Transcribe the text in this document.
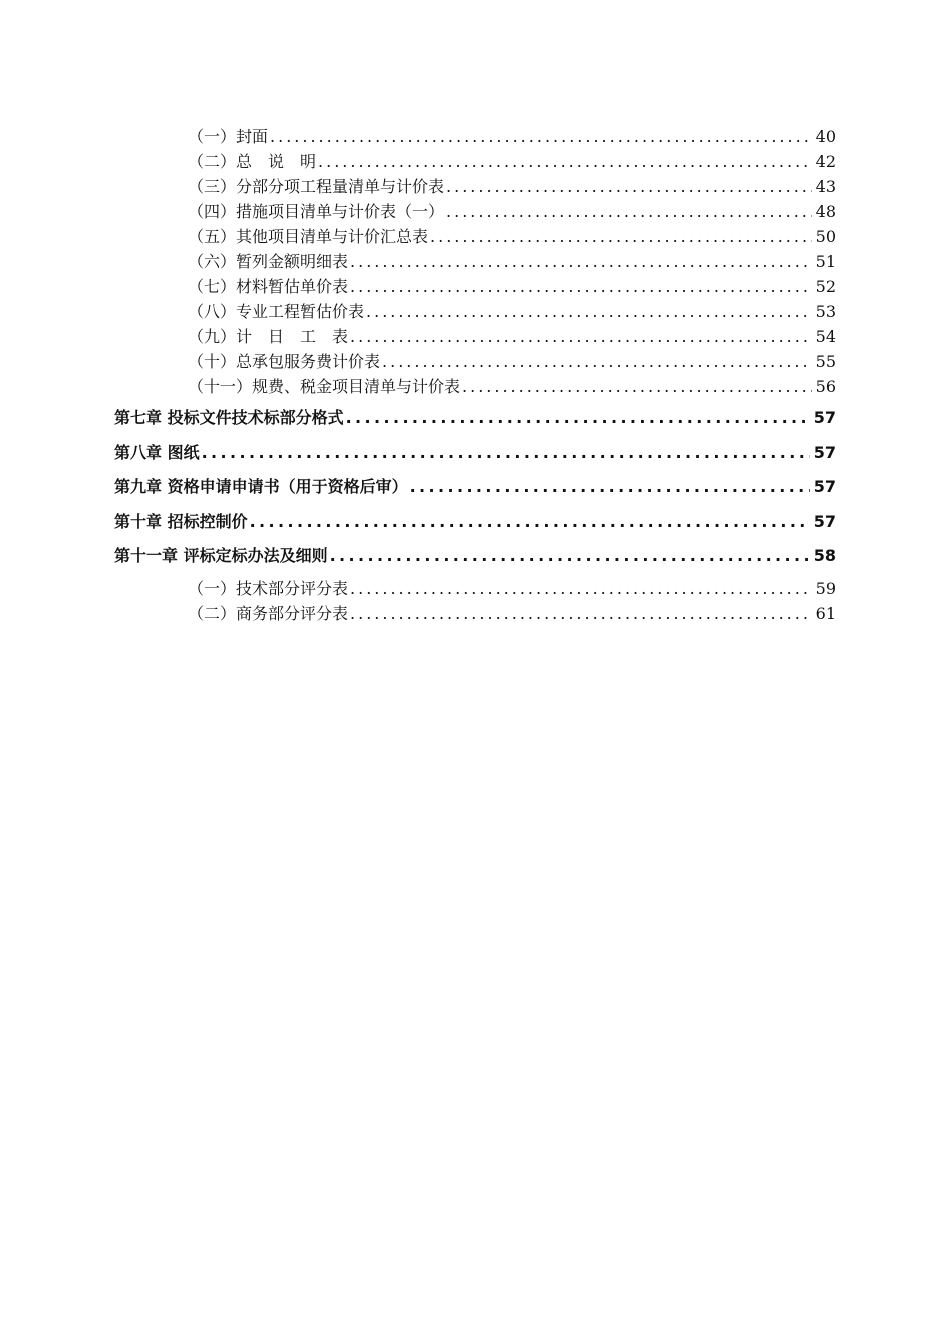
（一）封面 .....	40
（二）总　说　明 .....	42
（三）分部分项工程量清单与计价表 .....	43
（四）措施项目清单与计价表（一） .....	48
（五）其他项目清单与计价汇总表 .....	50
（六）暂列金额明细表 .....	51
（七）材料暂估单价表 .....	52
（八）专业工程暂估价表 .....	53
（九）计　日　工　表 .....	54
（十）总承包服务费计价表 .....	55
（十一）规费、税金项目清单与计价表 .....	56
第七章 投标文件技术标部分格式 .....	57
第八章 图纸 .....	57
第九章 资格申请申请书（用于资格后审） .....	57
第十章 招标控制价 .....	57
第十一章 评标定标办法及细则 .....	58
（一）技术部分评分表 .....	59
（二）商务部分评分表 .....	61
